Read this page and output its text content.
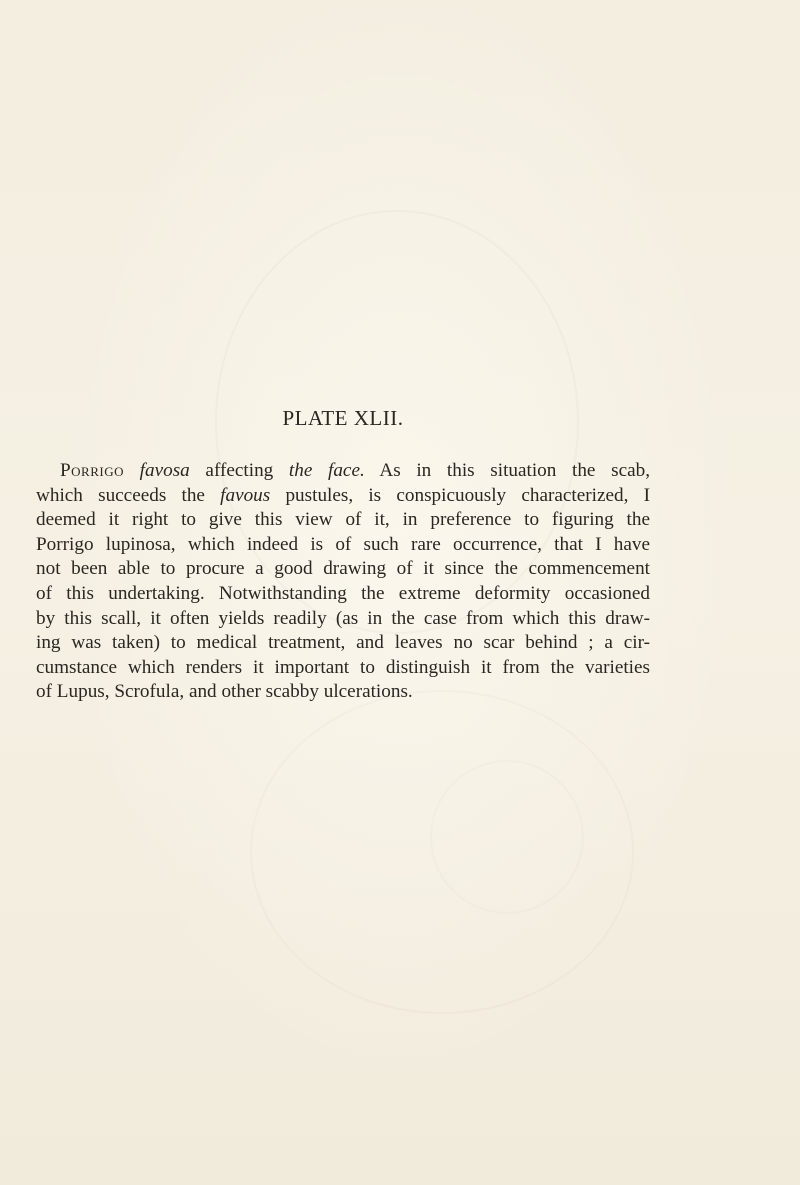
PLATE XLII.
Porrigo favosa affecting the face. As in this situation the scab,
which succeeds the favous pustules, is conspicuously characterized, I
deemed it right to give this view of it, in preference to figuring the
Porrigo lupinosa, which indeed is of such rare occurrence, that I have
not been able to procure a good drawing of it since the commencement
of this undertaking. Notwithstanding the extreme deformity occasioned
by this scall, it often yields readily (as in the case from which this draw-
ing was taken) to medical treatment, and leaves no scar behind ; a cir-
cumstance which renders it important to distinguish it from the varieties
of Lupus, Scrofula, and other scabby ulcerations.
